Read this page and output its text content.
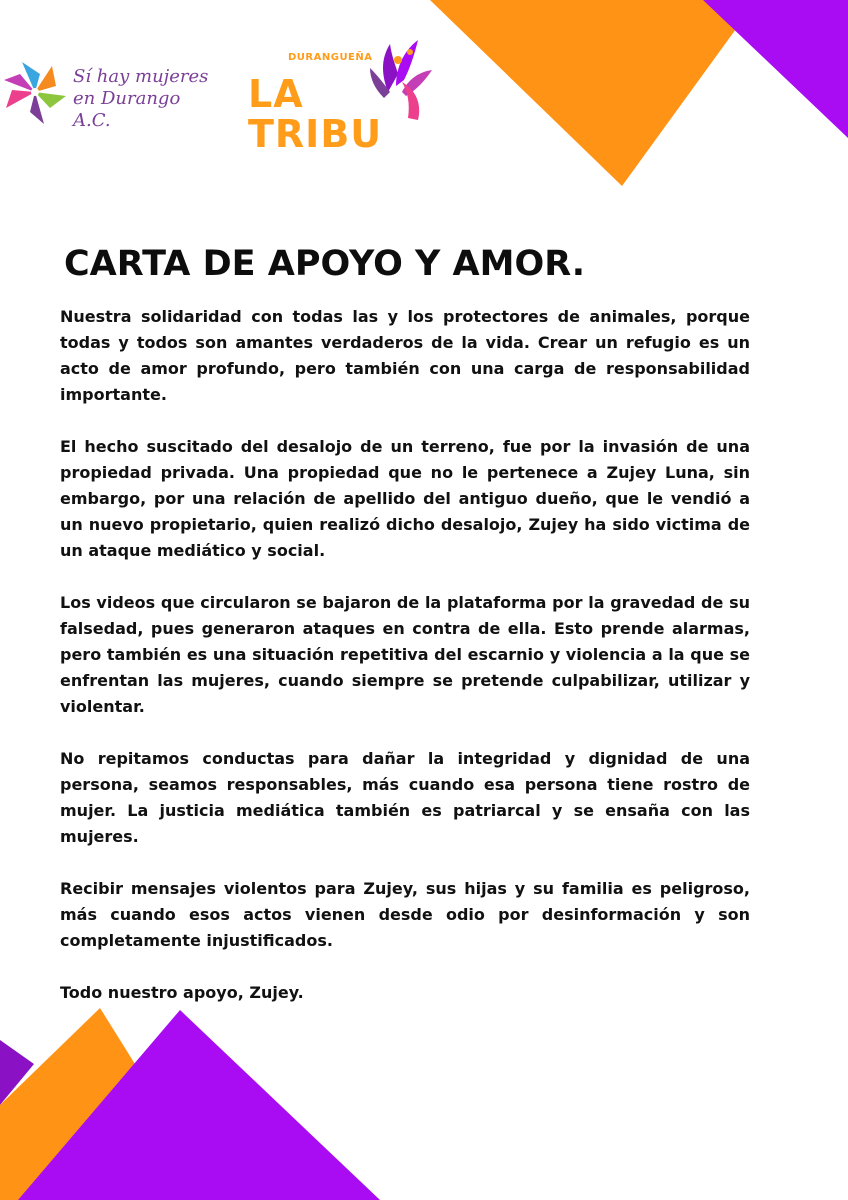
Sí hay mujeres en Durango A.C.
DURANGUEÑA
LA TRIBU
CARTA DE APOYO Y AMOR.

Nuestra solidaridad con todas las y los protectores de animales, porque todas y todos son amantes verdaderos de la vida. Crear un refugio es un acto de amor profundo, pero también con una carga de responsabilidad importante.

El hecho suscitado del desalojo de un terreno, fue por la invasión de una propiedad privada. Una propiedad que no le pertenece a Zujey Luna, sin embargo, por una relación de apellido del antiguo dueño, que le vendió a un nuevo propietario, quien realizó dicho desalojo, Zujey ha sido victima de un ataque mediático y social.

Los videos que circularon se bajaron de la plataforma por la gravedad de su falsedad, pues generaron ataques en contra de ella. Esto prende alarmas, pero también es una situación repetitiva del escarnio y violencia a la que se enfrentan las mujeres, cuando siempre se pretende culpabilizar, utilizar y violentar.

No repitamos conductas para dañar la integridad y dignidad de una persona, seamos responsables, más cuando esa persona tiene rostro de mujer. La justicia mediática también es patriarcal y se ensaña con las mujeres.

Recibir mensajes violentos para Zujey, sus hijas y su familia es peligroso, más cuando esos actos vienen desde odio por desinformación y son completamente injustificados.

Todo nuestro apoyo, Zujey.
